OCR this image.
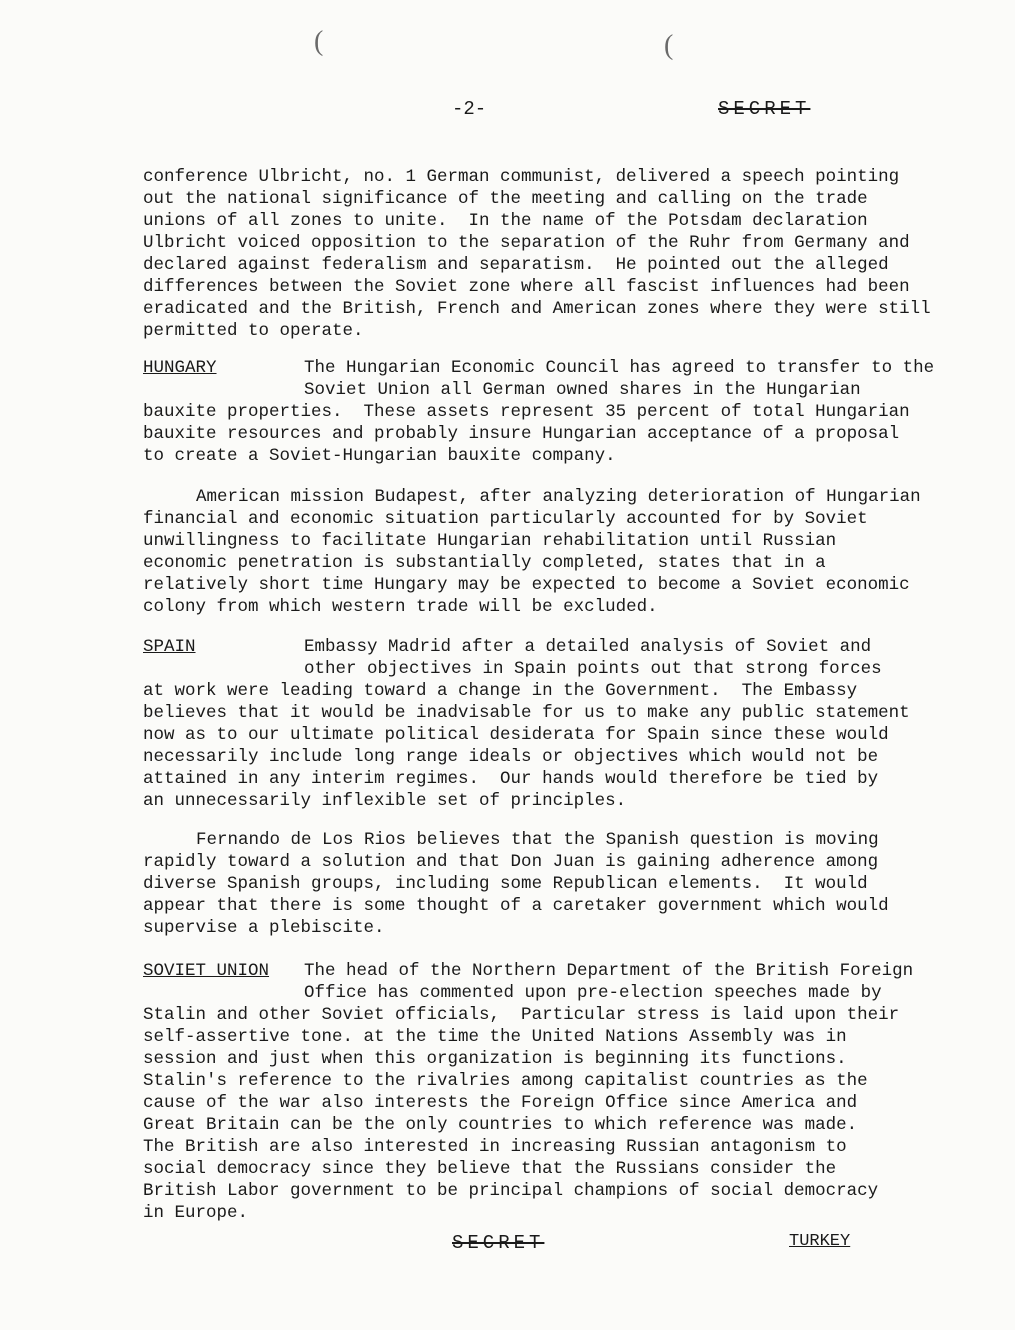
(	(
-2-	SECRET
conference Ulbricht, no. 1 German communist, delivered a speech pointing
out the national significance of the meeting and calling on the trade
unions of all zones to unite.  In the name of the Potsdam declaration
Ulbricht voiced opposition to the separation of the Ruhr from Germany and
declared against federalism and separatism.  He pointed out the alleged
differences between the Soviet zone where all fascist influences had been
eradicated and the British, French and American zones where they were still
permitted to operate.
HUNGARY	The Hungarian Economic Council has agreed to transfer to the
Soviet Union all German owned shares in the Hungarian
bauxite properties.  These assets represent 35 percent of total Hungarian
bauxite resources and probably insure Hungarian acceptance of a proposal
to create a Soviet-Hungarian bauxite company.
American mission Budapest, after analyzing deterioration of Hungarian
financial and economic situation particularly accounted for by Soviet
unwillingness to facilitate Hungarian rehabilitation until Russian
economic penetration is substantially completed, states that in a
relatively short time Hungary may be expected to become a Soviet economic
colony from which western trade will be excluded.
SPAIN	Embassy Madrid after a detailed analysis of Soviet and
other objectives in Spain points out that strong forces
at work were leading toward a change in the Government.  The Embassy
believes that it would be inadvisable for us to make any public statement
now as to our ultimate political desiderata for Spain since these would
necessarily include long range ideals or objectives which would not be
attained in any interim regimes.  Our hands would therefore be tied by
an unnecessarily inflexible set of principles.
Fernando de Los Rios believes that the Spanish question is moving
rapidly toward a solution and that Don Juan is gaining adherence among
diverse Spanish groups, including some Republican elements.  It would
appear that there is some thought of a caretaker government which would
supervise a plebiscite.
SOVIET UNION The head of the Northern Department of the British Foreign
Office has commented upon pre-election speeches made by
Stalin and other Soviet officials,  Particular stress is laid upon their
self-assertive tone. at the time the United Nations Assembly was in
session and just when this organization is beginning its functions.
Stalin's reference to the rivalries among capitalist countries as the
cause of the war also interests the Foreign Office since America and
Great Britain can be the only countries to which reference was made.
The British are also interested in increasing Russian antagonism to
social democracy since they believe that the Russians consider the
British Labor government to be principal champions of social democracy
in Europe.
SECRET	TURKEY
